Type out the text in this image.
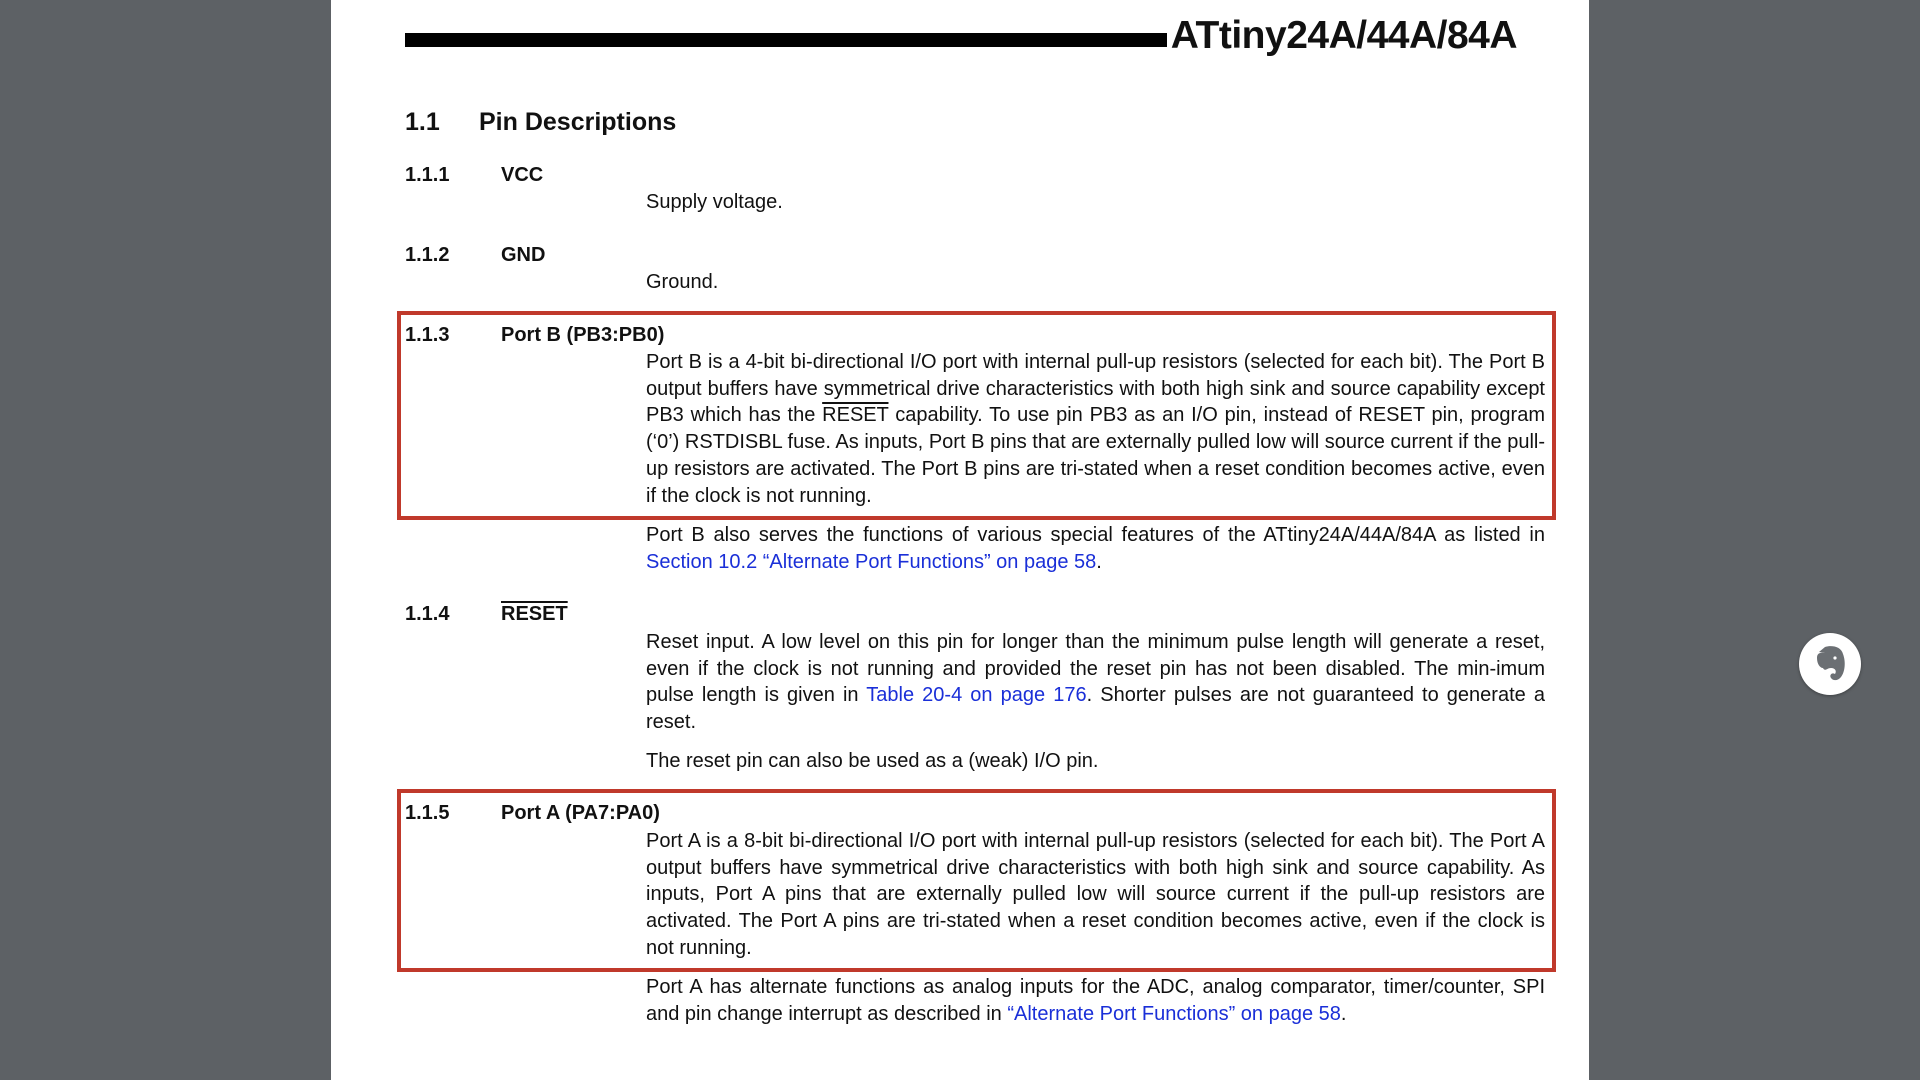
ATtiny24A/44A/84A
1.1 Pin Descriptions
1.1.1	VCC

Supply voltage.

1.1.2	GND

Ground.

1.1.3	Port B (PB3:PB0)

Port B is a 4-bit bi-directional I/O port with internal pull-up resistors (selected for each bit). The Port B output buffers have symmetrical drive characteristics with both high sink and source capability except PB3 which has the RESET capability. To use pin PB3 as an I/O pin, instead of RESET pin, program (‘0’) RSTDISBL fuse. As inputs, Port B pins that are externally pulled low will source current if the pull-up resistors are activated. The Port B pins are tri-stated when a reset condition becomes active, even if the clock is not running.

Port B also serves the functions of various special features of the ATtiny24A/44A/84A as listed in Section 10.2 “Alternate Port Functions” on page 58.

1.1.4	RESET

Reset input. A low level on this pin for longer than the minimum pulse length will generate a reset, even if the clock is not running and provided the reset pin has not been disabled. The min-imum pulse length is given in Table 20-4 on page 176. Shorter pulses are not guaranteed to generate a reset.

The reset pin can also be used as a (weak) I/O pin.

1.1.5	Port A (PA7:PA0)

Port A is a 8-bit bi-directional I/O port with internal pull-up resistors (selected for each bit). The Port A output buffers have symmetrical drive characteristics with both high sink and source capability. As inputs, Port A pins that are externally pulled low will source current if the pull-up resistors are activated. The Port A pins are tri-stated when a reset condition becomes active, even if the clock is not running.

Port A has alternate functions as analog inputs for the ADC, analog comparator, timer/counter, SPI and pin change interrupt as described in “Alternate Port Functions” on page 58.
